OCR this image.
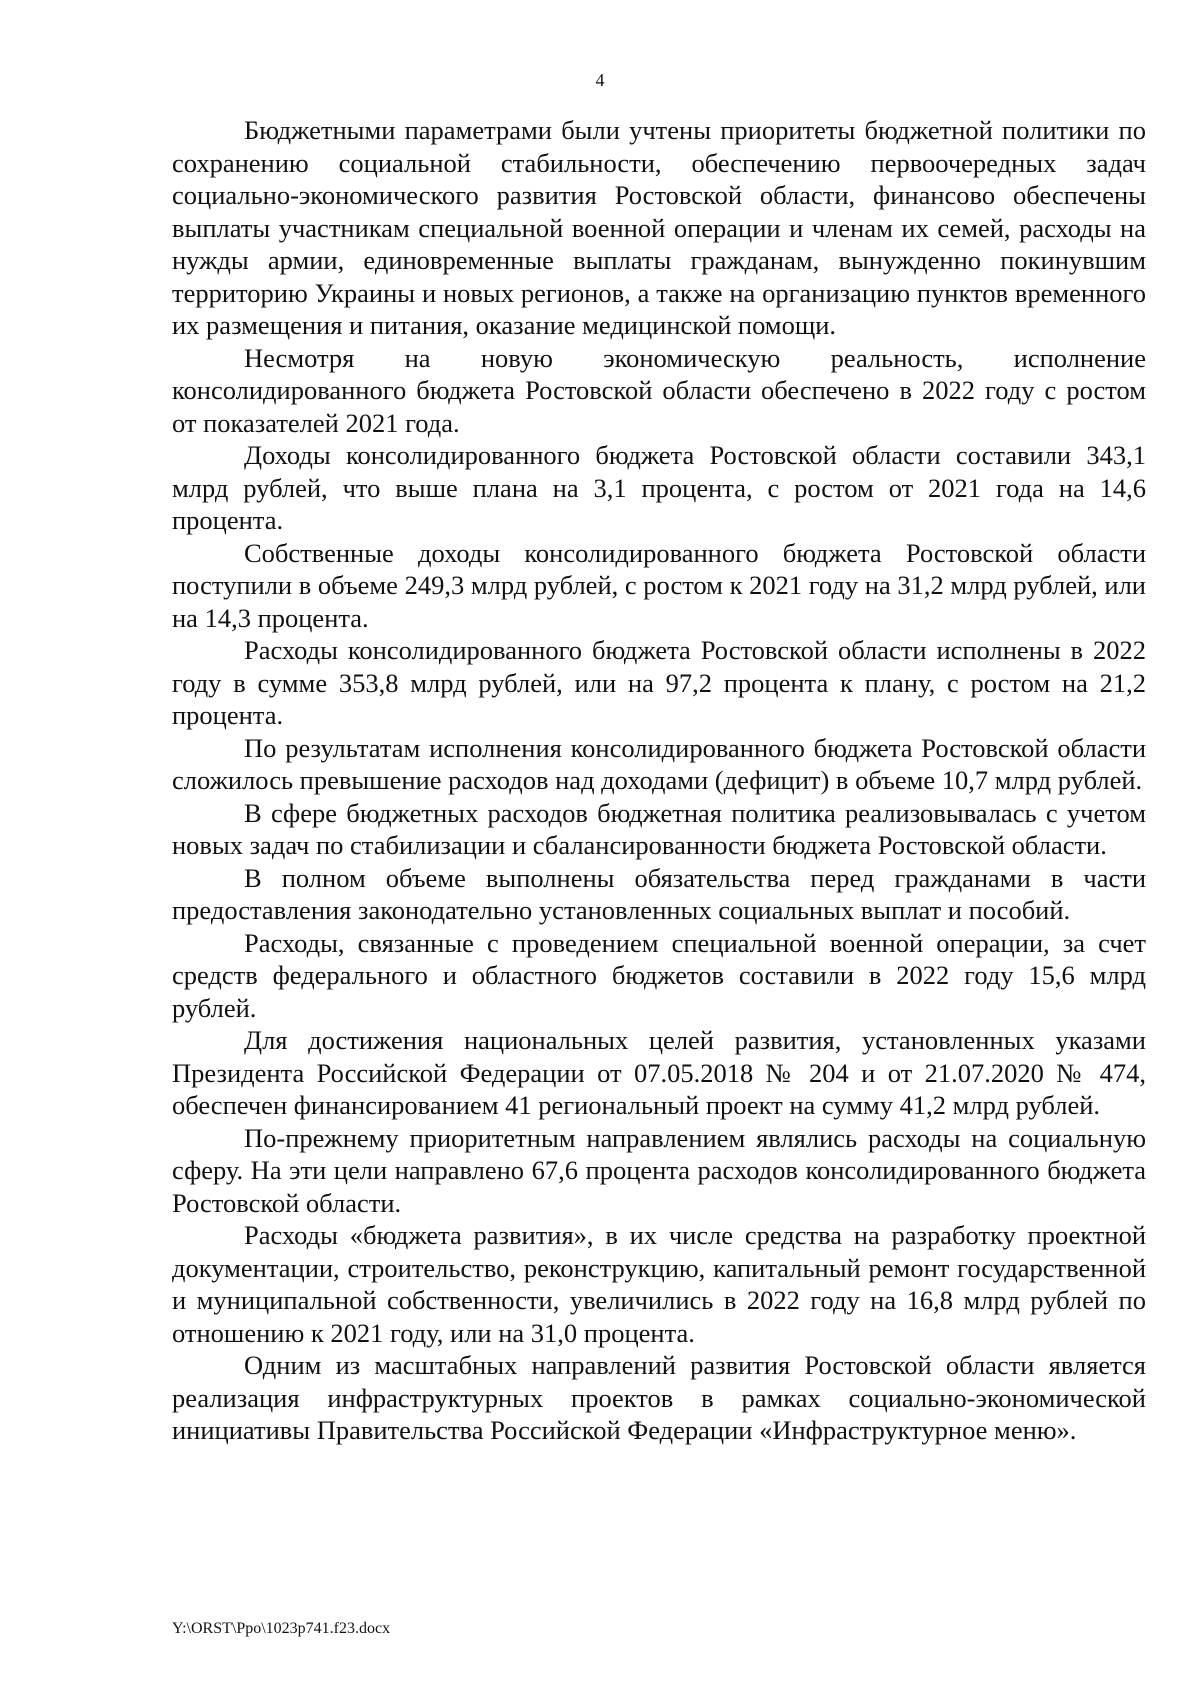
4

Бюджетными параметрами были учтены приоритеты бюджетной политики по сохранению социальной стабильности, обеспечению первоочередных задач социально-экономического развития Ростовской области, финансово обеспечены выплаты участникам специальной военной операции и членам их семей, расходы на нужды армии, единовременные выплаты гражданам, вынужденно покинувшим территорию Украины и новых регионов, а также на организацию пунктов временного их размещения и питания, оказание медицинской помощи.

Несмотря на новую экономическую реальность, исполнение консолидированного бюджета Ростовской области обеспечено в 2022 году с ростом от показателей 2021 года.

Доходы консолидированного бюджета Ростовской области составили 343,1 млрд рублей, что выше плана на 3,1 процента, с ростом от 2021 года на 14,6 процента.

Собственные доходы консолидированного бюджета Ростовской области поступили в объеме 249,3 млрд рублей, с ростом к 2021 году на 31,2 млрд рублей, или на 14,3 процента.

Расходы консолидированного бюджета Ростовской области исполнены в 2022 году в сумме 353,8 млрд рублей, или на 97,2 процента к плану, с ростом на 21,2 процента.

По результатам исполнения консолидированного бюджета Ростовской области сложилось превышение расходов над доходами (дефицит) в объеме 10,7 млрд рублей.

В сфере бюджетных расходов бюджетная политика реализовывалась с учетом новых задач по стабилизации и сбалансированности бюджета Ростовской области.

В полном объеме выполнены обязательства перед гражданами в части предоставления законодательно установленных социальных выплат и пособий.

Расходы, связанные с проведением специальной военной операции, за счет средств федерального и областного бюджетов составили в 2022 году 15,6 млрд рублей.

Для достижения национальных целей развития, установленных указами Президента Российской Федерации от 07.05.2018 № 204 и от 21.07.2020 № 474, обеспечен финансированием 41 региональный проект на сумму 41,2 млрд рублей.

По-прежнему приоритетным направлением являлись расходы на социальную сферу. На эти цели направлено 67,6 процента расходов консолидированного бюджета Ростовской области.

Расходы «бюджета развития», в их числе средства на разработку проектной документации, строительство, реконструкцию, капитальный ремонт государственной и муниципальной собственности, увеличились в 2022 году на 16,8 млрд рублей по отношению к 2021 году, или на 31,0 процента.

Одним из масштабных направлений развития Ростовской области является реализация инфраструктурных проектов в рамках социально-экономической инициативы Правительства Российской Федерации «Инфраструктурное меню».

Y:\ORST\Ppo\1023p741.f23.docx
